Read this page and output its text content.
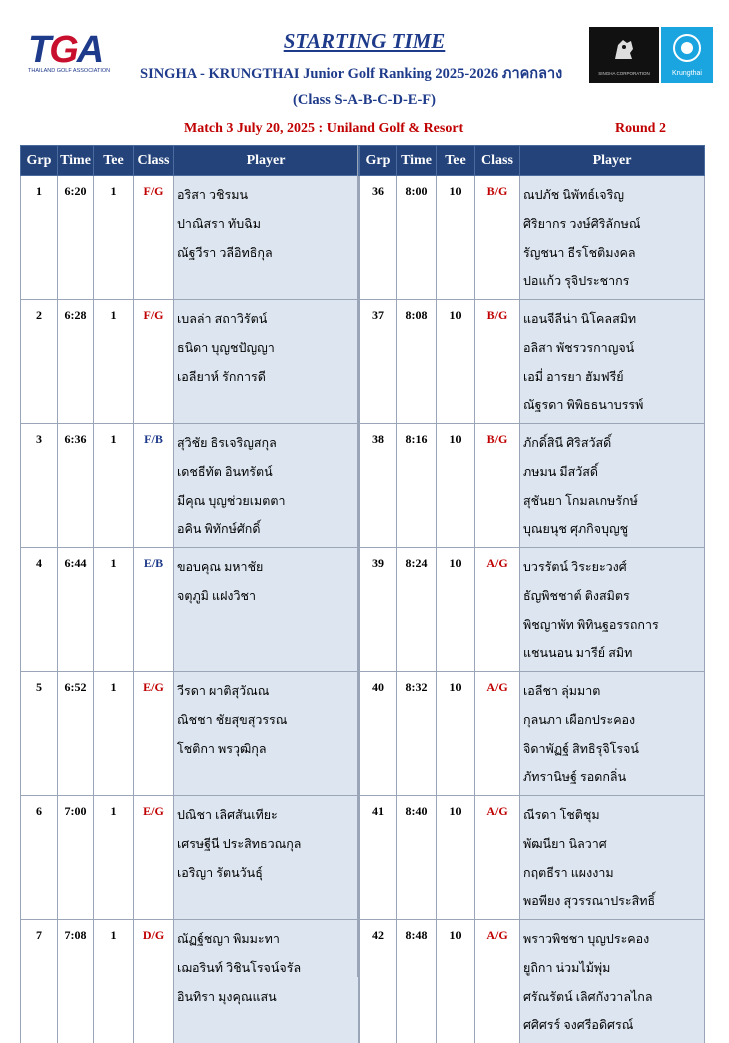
TGA
THAILAND GOLF ASSOCIATION
STARTING TIME
SINGHA - KRUNGTHAI Junior Golf Ranking 2025-2026 ภาคกลาง
(Class S-A-B-C-D-E-F)
SINGHA CORPORATION	Krungthai
Match 3 July 20, 2025 : Uniland Golf & Resort	Round 2
Grp	Time	Tee	Class	Player
1	6:20	1	F/G	อริสา วชิรมน
ปาณิสรา ทับฉิม
ณัฐวีรา วลีอิทธิกุล

2	6:28	1	F/G	เบลล่า สถาวิรัตน์
ธนิดา บุญชปัญญา
เอลียาห์ รักการดี

3	6:36	1	F/B	สุวิชัย ธิรเจริญสกุล
เดชธีทัต อินทรัตน์
มีคุณ บุญช่วยเมตตา
อคิน พิทักษ์ศักดิ์

4	6:44	1	E/B	ขอบคุณ มหาชัย
จตุภูมิ แฝงวิชา

5	6:52	1	E/G	วีรดา ผาติสุวัณณ
ณิชชา ชัยสุขสุวรรณ
โชติกา พรวุฒิกุล

6	7:00	1	E/G	ปณิชา เลิศสันเทียะ
เศรษฐีนี ประสิทธวณกุล
เอริญา รัตนวันธุ์

7	7:08	1	D/G	ณัฏฐ์ชญา พิมมะทา
เฌอรินท์ วิชินโรจน์จรัล
อินทิรา มุงคุณแสน
Grp	Time	Tee	Class	Player
36	8:00	10	B/G	ณปภัช นิพัทธ์เจริญ
ศิริยากร วงษ์ศิริลักษณ์
รัญชนา ธีรโชติมงคล
ปอแก้ว รุจิประชากร

37	8:08	10	B/G	แอนจีลีน่า นิโคลสมิท
อลิสา พัชรวรกาญจน์
เอมี่ อารยา ฮัมฟรีย์
ณัฐรดา พิพิธธนาบรรพ์

38	8:16	10	B/G	ภักดิ์สินี ศิริสวัสดิ์
ภษมน มีสวัสดิ์
สุชันยา โกมลเกษรักษ์
บุณยนุช ศุภกิจบุญชู

39	8:24	10	A/G	บวรรัตน์ วิระยะวงศ์
ธัญพิชชาต์ ติงสมิตร
พิชญาพัท พิทินฐอรรถการ
แชนนอน มารีย์ สมิท

40	8:32	10	A/G	เอลีชา ลุ่มมาต
กุลนภา เผือกประคอง
จิดาพัฏฐ์ สิทธิรุจิโรจน์
ภัทรานิษฐ์ รอดกลิ่น

41	8:40	10	A/G	ณีรดา โชติชุม
พัฒนียา นิลวาศ
กฤตธีรา แผงงาม
พอพียง สุวรรณาประสิทธิ์

42	8:48	10	A/G	พราวพิชชา บุญประคอง
ยูถิกา น่วมไม้พุ่ม
ศรัณรัตน์ เลิศกังวาลไกล
ศศิศรร์ จงศรีอดิศรณ์
